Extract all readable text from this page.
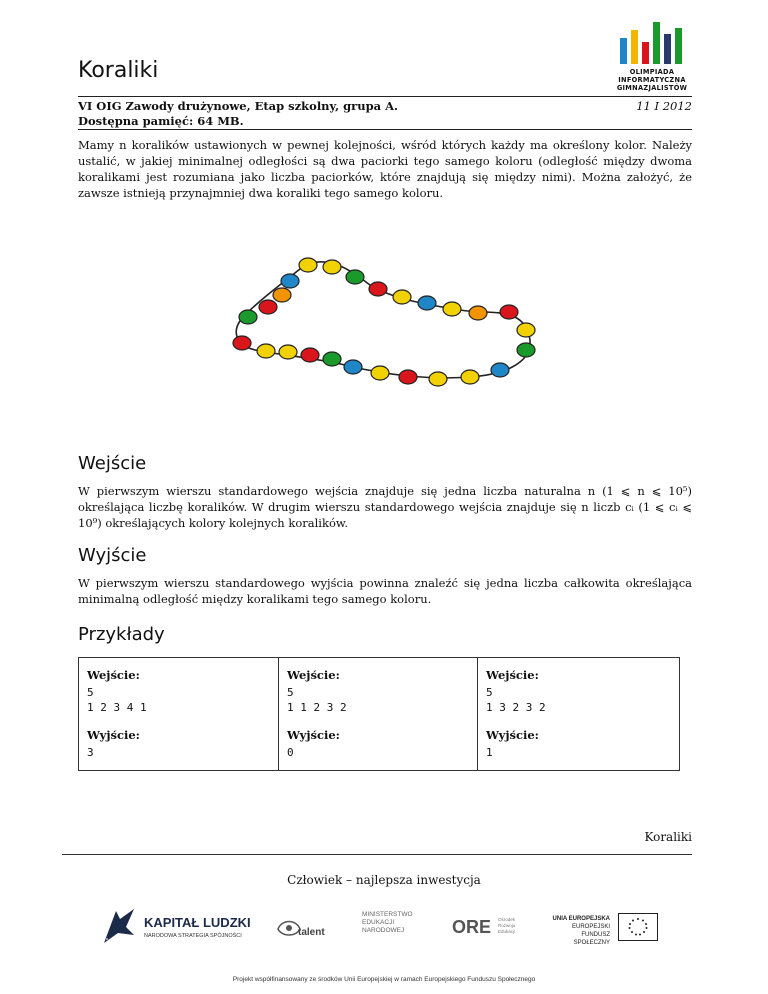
Koraliki	OLIMPIADA
INFORMATYCZNA
GIMNAZJALISTÓW
VI OIG Zawody drużynowe, Etap szkolny, grupa A.
Dostępna pamięć: 64 MB.
11 I 2012
Mamy n koralików ustawionych w pewnej kolejności, wśród których każdy ma określony kolor. Należy ustalić, w jakiej minimalnej odległości są dwa paciorki tego samego koloru (odległość między dwoma koralikami jest rozumiana jako liczba paciorków, które znajdują się między nimi). Można założyć, że zawsze istnieją przynajmniej dwa koraliki tego samego koloru.
Wejście
W pierwszym wierszu standardowego wejścia znajduje się jedna liczba naturalna n (1 ⩽ n ⩽ 10⁵) określająca liczbę koralików. W drugim wierszu standardowego wejścia znajduje się n liczb cᵢ (1 ⩽ cᵢ ⩽ 10⁹) określających kolory kolejnych koralików.
Wyjście
W pierwszym wierszu standardowego wyjścia powinna znaleźć się jedna liczba całkowita określająca minimalną odległość między koralikami tego samego koloru.
Przykłady
Wejście:
5
1 2 3 4 1
Wyjście:
3
Wejście:
5
1 1 2 3 2
Wyjście:
0
Wejście:
5
1 3 2 3 2
Wyjście:
1
Koraliki
Człowiek – najlepsza inwestycja
KAPITAŁ LUDZKI
NARODOWA STRATEGIA SPÓJNOŚCI	talent
MINISTERSTWO
EDUKACJI
NARODOWEJ	ORE Ośrodek
Rozwoju
Edukacji
UNIA EUROPEJSKA
EUROPEJSKI
FUNDUSZ SPOŁECZNY
Projekt współfinansowany ze środków Unii Europejskiej w ramach Europejskiego Funduszu Społecznego
